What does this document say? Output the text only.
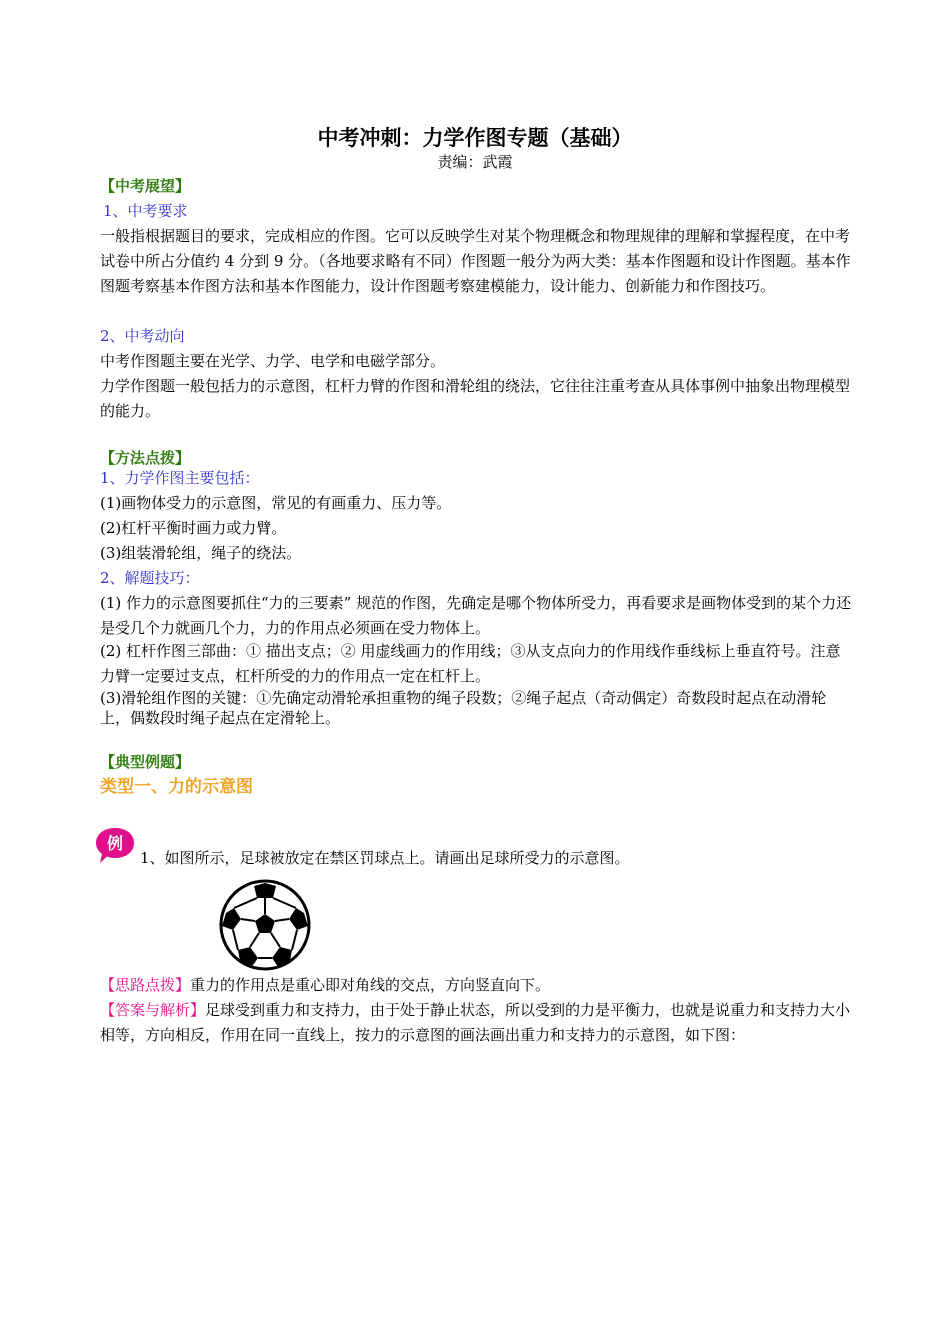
中考冲刺：力学作图专题（基础）
责编：武霞
【中考展望】
1、中考要求

一般指根据题目的要求，完成相应的作图。它可以反映学生对某个物理概念和物理规律的理解和掌握程度，在中考试卷中所占分值约 4 分到 9 分。（各地要求略有不同）作图题一般分为两大类：基本作图题和设计作图题。基本作图题考察基本作图方法和基本作图能力，设计作图题考察建模能力，设计能力、创新能力和作图技巧。

2、中考动向

中考作图题主要在光学、力学、电学和电磁学部分。

力学作图题一般包括力的示意图，杠杆力臂的作图和滑轮组的绕法，它往往注重考查从具体事例中抽象出物理模型的能力。

【方法点拨】
1、力学作图主要包括：

(1)画物体受力的示意图，常见的有画重力、压力等。

(2)杠杆平衡时画力或力臂。

(3)组装滑轮组，绳子的绕法。

2、解题技巧：

(1) 作力的示意图要抓住“力的三要素” 规范的作图，先确定是哪个物体所受力，再看要求是画物体受到的某个力还是受几个力就画几个力，力的作用点必须画在受力物体上。

(2) 杠杆作图三部曲：① 描出支点；② 用虚线画力的作用线；③从支点向力的作用线作垂线标上垂直符号。注意力臂一定要过支点，杠杆所受的力的作用点一定在杠杆上。

(3)滑轮组作图的关键：①先确定动滑轮承担重物的绳子段数；②绳子起点（奇动偶定）奇数段时起点在动滑轮上，偶数段时绳子起点在定滑轮上。

【典型例题】
类型一、力的示意图
例
1、如图所示，足球被放定在禁区罚球点上。请画出足球所受力的示意图。

【思路点拨】重力的作用点是重心即对角线的交点，方向竖直向下。

【答案与解析】足球受到重力和支持力，由于处于静止状态，所以受到的力是平衡力，也就是说重力和支持力大小相等，方向相反，作用在同一直线上，按力的示意图的画法画出重力和支持力的示意图，如下图：
